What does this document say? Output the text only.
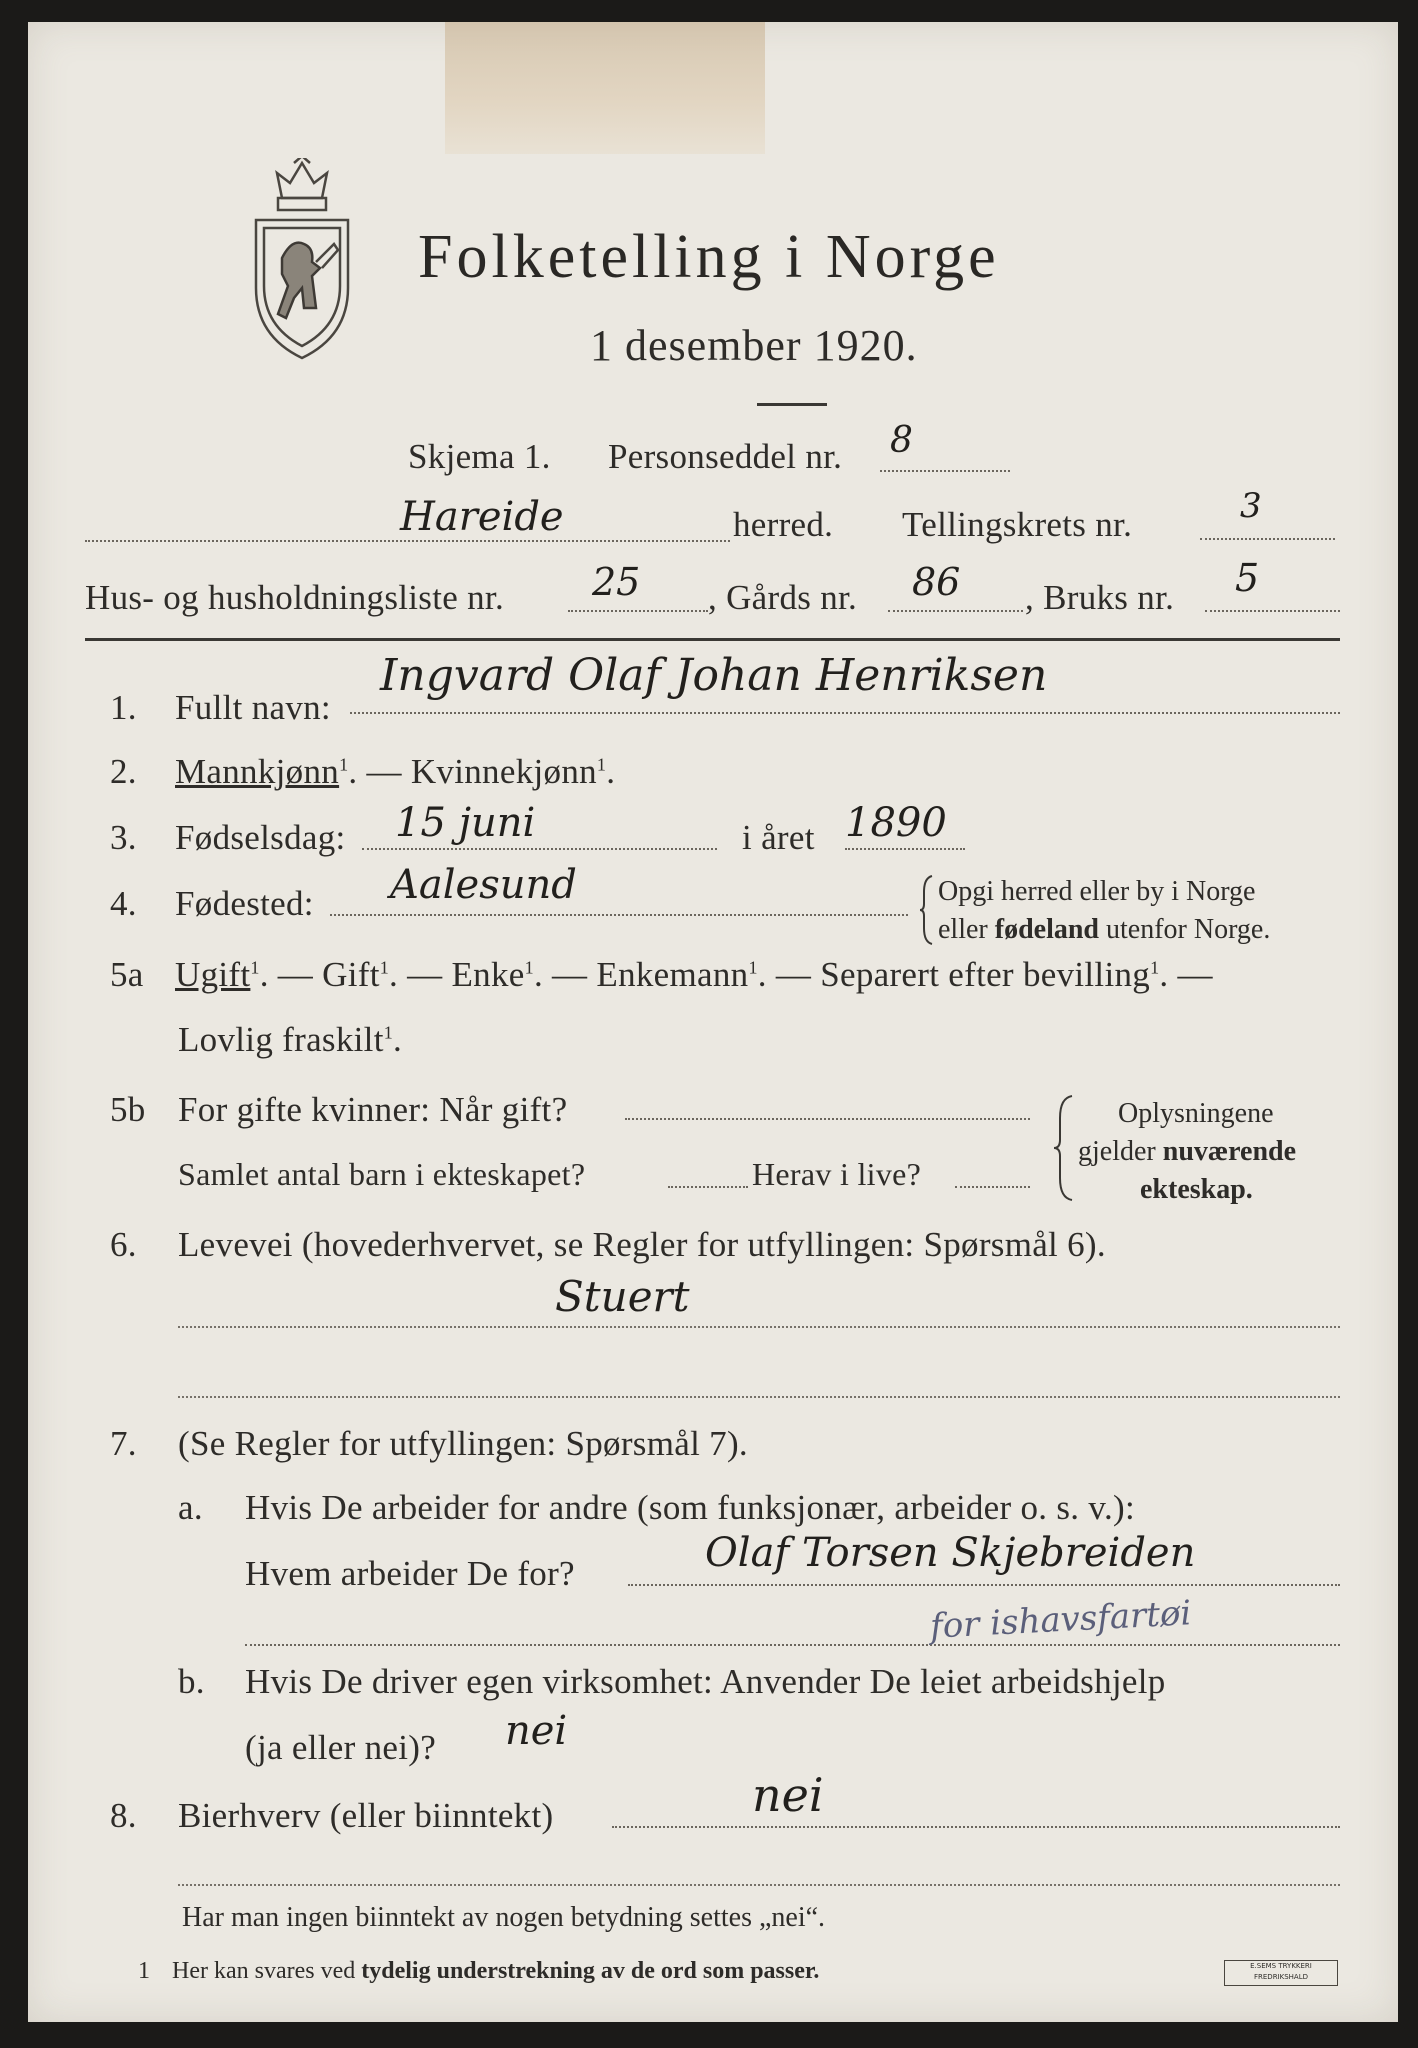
Folketelling i Norge
1 desember 1920.
Skjema 1. Personseddel nr. 8
Hareide	herred. Tellingskrets nr.	3
Hus- og husholdningsliste nr. 25 , Gårds nr. 86 , Bruks nr. 5
1. Fullt navn:
Ingvard Olaf Johan Henriksen
2. Mannkjønn$^1$. — Kvinnekjønn$^1$.
3. Fødselsdag: 15 juni	i året 1890
4. Fødested: Aalesund	Opgi herred eller by i Norge
eller fødeland utenfor Norge.
5a Ugift$^1$. — Gift$^1$. — Enke$^1$. — Enkemann$^1$. — Separert efter bevilling$^1$. —
Lovlig fraskilt$^1$.
5b For gifte kvinner: Når gift?
Samlet antal barn i ekteskapet?	Herav i live?
Oplysningene
gjelder nuværende
ekteskap.
6. Levevei (hovederhvervet, se Regler for utfyllingen: Spørsmål 6).
Stuert
7. (Se Regler for utfyllingen: Spørsmål 7).
a. Hvis De arbeider for andre (som funksjonær, arbeider o. s. v.):
Hvem arbeider De for?	Olaf Torsen Skjebreiden
for ishavsfartøi
b. Hvis De driver egen virksomhet: Anvender De leiet arbeidshjelp
(ja eller nei)? nei
8. Bierhverv (eller biinntekt)	nei
Har man ingen biinntekt av nogen betydning settes „nei“.
1 Her kan svares ved tydelig understrekning av de ord som passer.	E.SEMS TRYKKERI FREDRIKSHALD
